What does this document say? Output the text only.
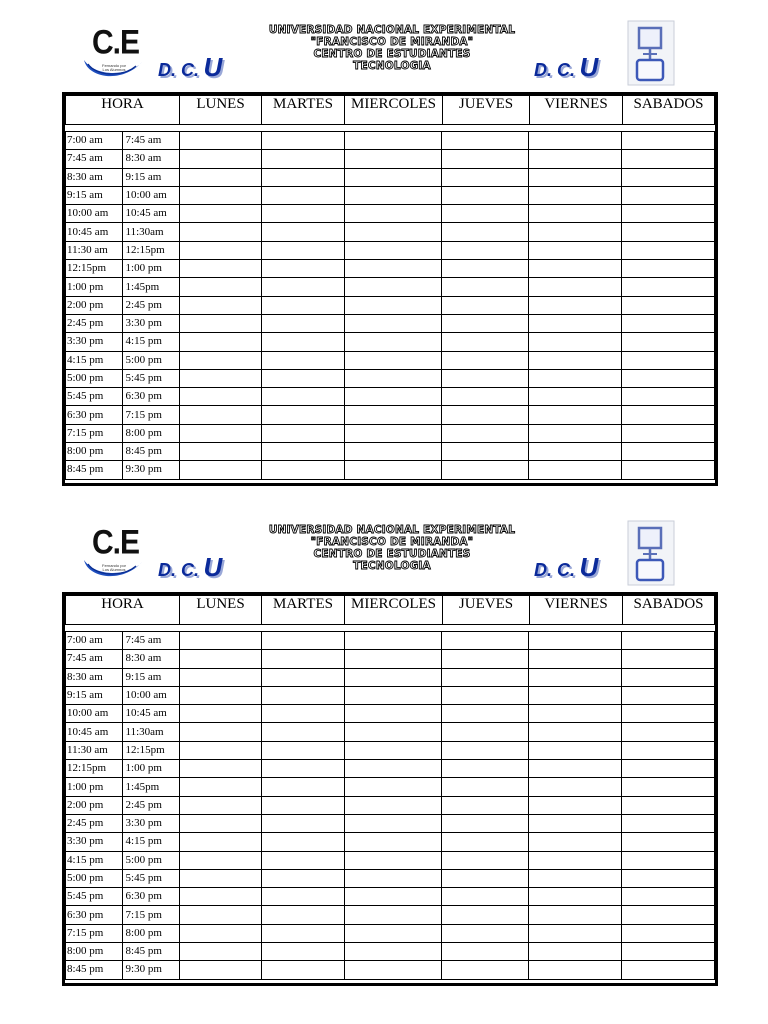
C.E
Fernando por Los Alumnos D. C. U
UNIVERSIDAD NACIONAL EXPERIMENTAL
"FRANCISCO DE MIRANDA"
CENTRO DE ESTUDIANTES
TECNOLOGIA	D. C. U
HORA	LUNES	MARTES	MIERCOLES	JUEVES	VIERNES	SABADOS
7:00 am	7:45 am						
7:45 am	8:30 am						
8:30 am	9:15 am						
9:15 am	10:00 am						
10:00 am	10:45 am						
10:45 am	11:30am						
11:30 am	12:15pm						
12:15pm	1:00 pm						
1:00 pm	1:45pm						
2:00 pm	2:45 pm						
2:45 pm	3:30 pm						
3:30 pm	4:15 pm						
4:15 pm	5:00 pm						
5:00 pm	5:45 pm						
5:45 pm	6:30 pm						
6:30 pm	7:15 pm						
7:15 pm	8:00 pm						
8:00 pm	8:45 pm						
8:45 pm	9:30 pm						
C.E
Fernando por Los Alumnos D. C. U
UNIVERSIDAD NACIONAL EXPERIMENTAL
"FRANCISCO DE MIRANDA"
CENTRO DE ESTUDIANTES
TECNOLOGIA	D. C. U
HORA	LUNES	MARTES	MIERCOLES	JUEVES	VIERNES	SABADOS
7:00 am	7:45 am						
7:45 am	8:30 am						
8:30 am	9:15 am						
9:15 am	10:00 am						
10:00 am	10:45 am						
10:45 am	11:30am						
11:30 am	12:15pm						
12:15pm	1:00 pm						
1:00 pm	1:45pm						
2:00 pm	2:45 pm						
2:45 pm	3:30 pm						
3:30 pm	4:15 pm						
4:15 pm	5:00 pm						
5:00 pm	5:45 pm						
5:45 pm	6:30 pm						
6:30 pm	7:15 pm						
7:15 pm	8:00 pm						
8:00 pm	8:45 pm						
8:45 pm	9:30 pm						
